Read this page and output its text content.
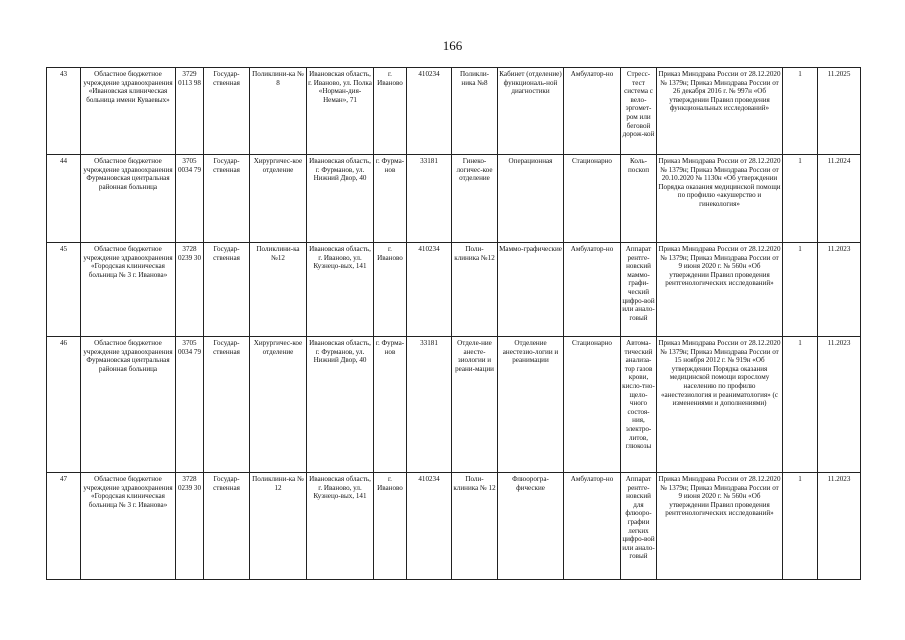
166
43	Областное бюджетное учреждение здравоохранения «Ивановская клиническая больница имени Куваевых»	3729 0113 98	Государ-ственная	Поликлини-ка № 8	Ивановская область, г. Иваново, ул. Полка «Норман-дия-Неман», 71	г. Иваново	410234	Поликли-ника №8	Кабинет (отделение) функциональ-ной диагностики	Амбулатор-но	Стресс-тест система с вело-эргомет-ром или беговой дорож-кой	Приказ Минздрава России от 28.12.2020 № 1379н; Приказ Минздрава России от 26 декабря 2016 г. № 997н «Об утверждении Правил проведения функциональных исследований»	1	11.2025
44	Областное бюджетное учреждение здравоохранения Фурмановская центральная районная больница	3705 0034 79	Государ-ственная	Хирургичес-кое отделение	Ивановская область, г. Фурманов, ул. Нижний Двор, 40	г. Фурма-нов	33181	Гинеко-логичес-кое отделение	Операционная	Стационарно	Коль-поскоп	Приказ Минздрава России от 28.12.2020 № 1379н; Приказ Минздрава России от 20.10.2020 № 1130н «Об утверждении Порядка оказания медицинской помощи по профилю «акушерство и гинекология»	1	11.2024
45	Областное бюджетное учреждение здравоохранения «Городская клиническая больница № 3 г. Иванова»	3728 0239 30	Государ-ственная	Поликлини-ка №12	Ивановская область, г. Иваново, ул. Кузнецо-вых, 141	г. Иваново	410234	Поли-клиника №12	Маммо-графические	Амбулатор-но	Аппарат рентге-новский маммо-графи-ческий цифро-вой или анало-говый	Приказ Минздрава России от 28.12.2020 № 1379н; Приказ Минздрава России от 9 июня 2020 г. № 560н «Об утверждении Правил проведения рентгенологических исследований»	1	11.2023
46	Областное бюджетное учреждение здравоохранения Фурмановская центральная районная больница	3705 0034 79	Государ-ственная	Хирургичес-кое отделение	Ивановская область, г. Фурманов, ул. Нижний Двор, 40	г. Фурма-нов	33181	Отделе-ние анесте-зиологии и реани-мации	Отделение анестезио-логии и реанимации	Стационарно	Автома-тический анализа-тор газов крови, кисло-тно-щело-чного состоя-ния, электро-литов, глюкозы	Приказ Минздрава России от 28.12.2020 № 1379н; Приказ Минздрава России от 15 ноября 2012 г. № 919н «Об утверждении Порядка оказания медицинской помощи взрослому населению по профилю «анестезиология и реаниматология» (с изменениями и дополнениями)	1	11.2023
47	Областное бюджетное учреждение здравоохранения «Городская клиническая больница № 3 г. Иванова»	3728 0239 30	Государ-ственная	Поликлини-ка № 12	Ивановская область, г. Иваново, ул. Кузнецо-вых, 141	г. Иваново	410234	Поли-клиника № 12	Флюорогра-фические	Амбулатор-но	Аппарат рентге-новский для флюоро-графии легких цифро-вой или анало-говый	Приказ Минздрава России от 28.12.2020 № 1379н; Приказ Минздрава России от 9 июня 2020 г. № 560н «Об утверждении Правил проведения рентгенологических исследований»	1	11.2023
